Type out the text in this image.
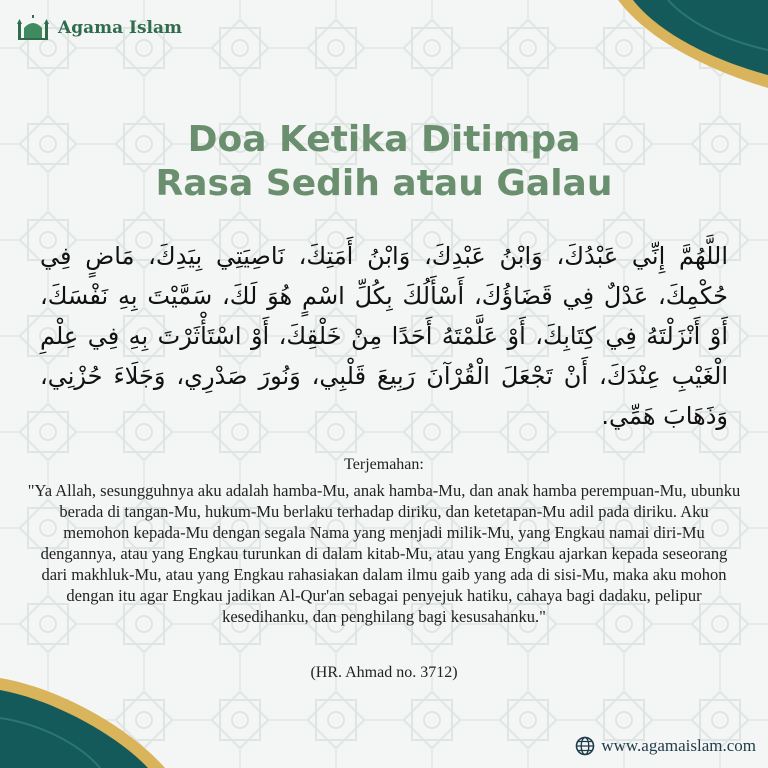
Agama Islam
Doa Ketika Ditimpa
Rasa Sedih atau Galau
اللَّهُمَّ إِنِّي عَبْدُكَ، وَابْنُ عَبْدِكَ، وَابْنُ أَمَتِكَ، نَاصِيَتِي بِيَدِكَ، مَاضٍ فِي حُكْمِكَ، عَدْلٌ فِي قَضَاؤُكَ، أَسْأَلُكَ بِكُلِّ اسْمٍ هُوَ لَكَ، سَمَّيْتَ بِهِ نَفْسَكَ، أَوْ أَنْزَلْتَهُ فِي كِتَابِكَ، أَوْ عَلَّمْتَهُ أَحَدًا مِنْ خَلْقِكَ، أَوْ اسْتَأْثَرْتَ بِهِ فِي عِلْمِ الْغَيْبِ عِنْدَكَ، أَنْ تَجْعَلَ الْقُرْآنَ رَبِيعَ قَلْبِي، وَنُورَ صَدْرِي، وَجَلَاءَ حُزْنِي، وَذَهَابَ هَمِّي.
Terjemahan:
"Ya Allah, sesungguhnya aku adalah hamba-Mu, anak hamba-Mu, dan anak hamba perempuan-Mu, ubunku berada di tangan-Mu, hukum-Mu berlaku terhadap diriku, dan ketetapan-Mu adil pada diriku. Aku memohon kepada-Mu dengan segala Nama yang menjadi milik-Mu, yang Engkau namai diri-Mu dengannya, atau yang Engkau turunkan di dalam kitab-Mu, atau yang Engkau ajarkan kepada seseorang dari makhluk-Mu, atau yang Engkau rahasiakan dalam ilmu gaib yang ada di sisi-Mu, maka aku mohon dengan itu agar Engkau jadikan Al-Qur'an sebagai penyejuk hatiku, cahaya bagi dadaku, pelipur kesedihanku, dan penghilang bagi kesusahanku."
(HR. Ahmad no. 3712)
www.agamaislam.com
